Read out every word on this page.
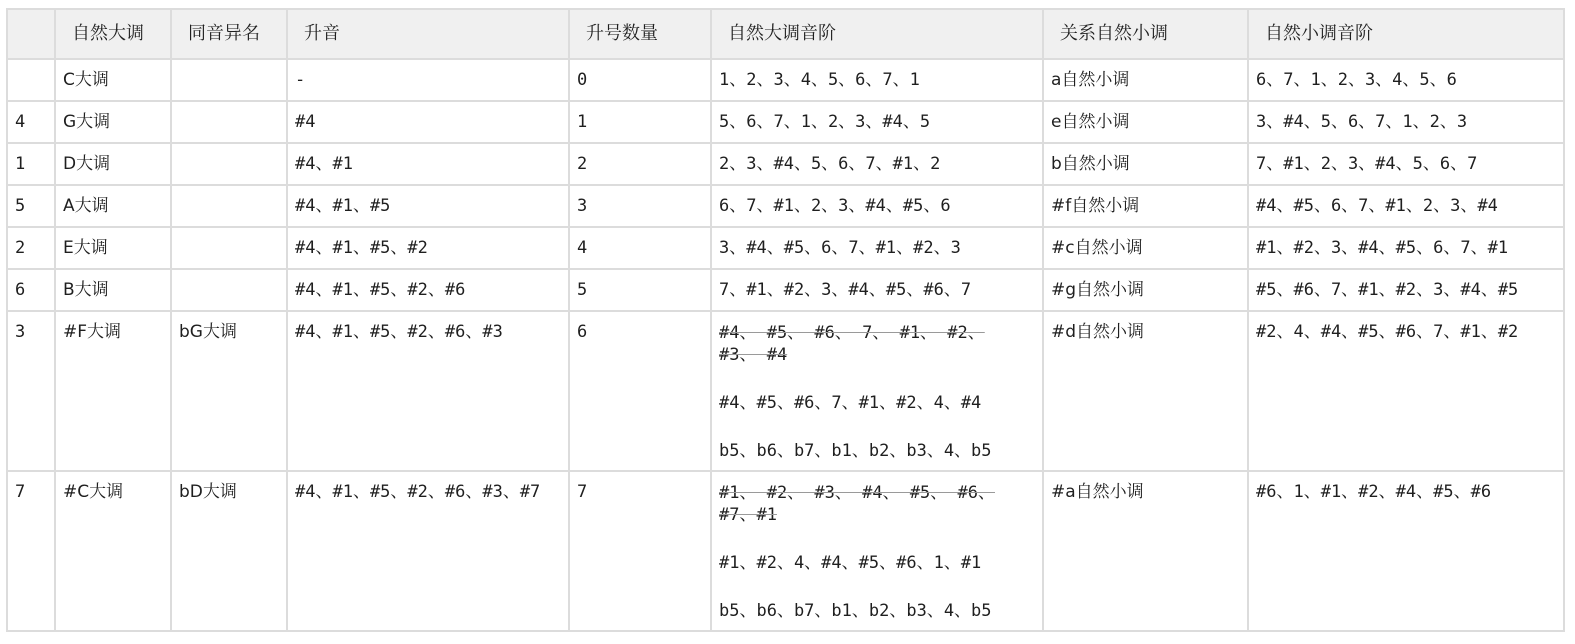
	自然大调	同音异名	升音	升号数量	自然大调音阶	关系自然小调	自然小调音阶
	C大调		-	0	1、2、3、4、5、6、7、1	a自然小调	6、7、1、2、3、4、5、6
4	G大调		#4	1	5、6、7、1、2、3、#4、5	e自然小调	3、#4、5、6、7、1、2、3
1	D大调		#4、#1	2	2、3、#4、5、6、7、#1、2	b自然小调	7、#1、2、3、#4、5、6、7
5	A大调		#4、#1、#5	3	6、7、#1、2、3、#4、#5、6	#f自然小调	#4、#5、6、7、#1、2、3、#4
2	E大调		#4、#1、#5、#2	4	3、#4、#5、6、7、#1、#2、3	#c自然小调	#1、#2、3、#4、#5、6、7、#1
6	B大调		#4、#1、#5、#2、#6	5	7、#1、#2、3、#4、#5、#6、7	#g自然小调	#5、#6、7、#1、#2、3、#4、#5
3	#F大调	bG大调	#4、#1、#5、#2、#6、#3	6	#4、 #5、 #6、 7、 #1、 #2、 #3、 #4
#4、#5、#6、7、#1、#2、4、#4
b5、b6、b7、b1、b2、b3、4、b5	#d自然小调	#2、4、#4、#5、#6、7、#1、#2
7	#C大调	bD大调	#4、#1、#5、#2、#6、#3、#7	7	#1、 #2、 #3、 #4、 #5、 #6、 #7、#1
#1、#2、4、#4、#5、#6、1、#1
b5、b6、b7、b1、b2、b3、4、b5	#a自然小调	#6、1、#1、#2、#4、#5、#6
